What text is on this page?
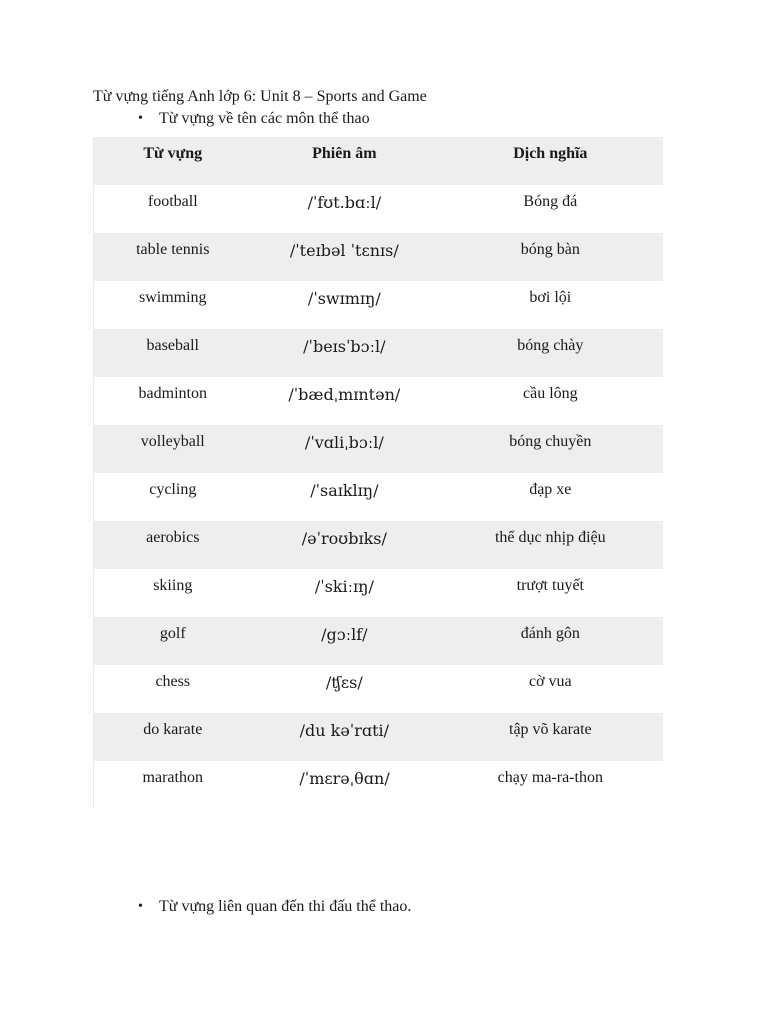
Từ vựng tiếng Anh lớp 6: Unit 8 – Sports and Game
•	Từ vựng về tên các môn thể thao
Từ vựng	Phiên âm	Dịch nghĩa
football	/ˈfʊt.bɑːl/	Bóng đá
table tennis	/ˈteɪbəl ˈtɛnɪs/	bóng bàn
swimming	/ˈswɪmɪŋ/	bơi lội
baseball	/ˈbeɪsˈbɔːl/	bóng chày
badminton	/ˈbædˌmɪntən/	cầu lông
volleyball	/ˈvɑliˌbɔːl/	bóng chuyền
cycling	/ˈsaɪklɪŋ/	đạp xe
aerobics	/əˈroʊbɪks/	thể dục nhịp điệu
skiing	/ˈskiːɪŋ/	trượt tuyết
golf	/gɔːlf/	đánh gôn
chess	/ʧɛs/	cờ vua
do karate	/du kəˈrɑti/	tập võ karate
marathon	/ˈmɛrəˌθɑn/	chạy ma-ra-thon
•	Từ vựng liên quan đến thi đấu thể thao.
